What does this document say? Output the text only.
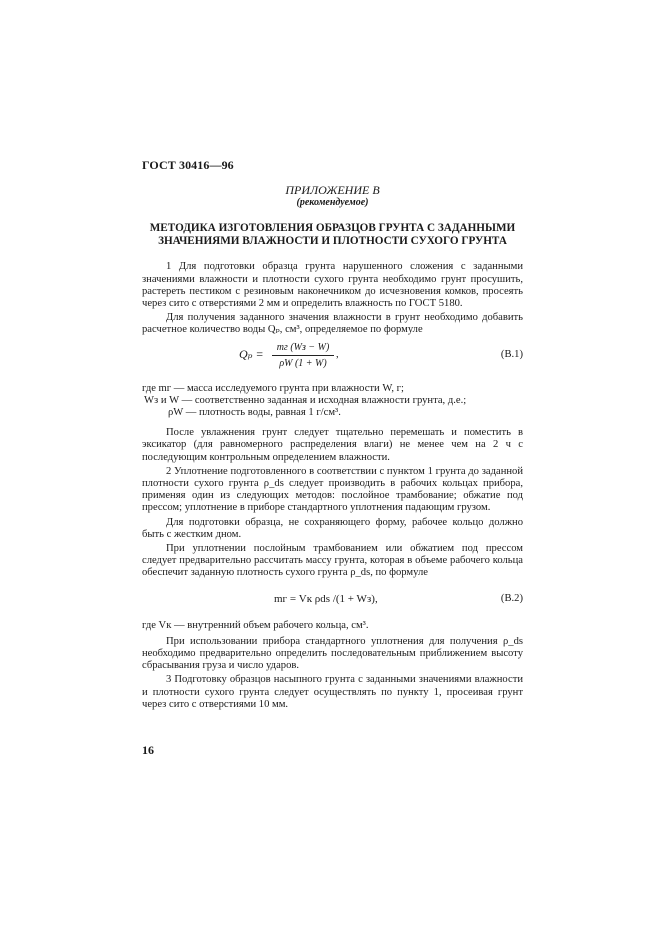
ГОСТ 30416—96
ПРИЛОЖЕНИЕ В
(рекомендуемое)
МЕТОДИКА ИЗГОТОВЛЕНИЯ ОБРАЗЦОВ ГРУНТА С ЗАДАННЫМИ
ЗНАЧЕНИЯМИ ВЛАЖНОСТИ И ПЛОТНОСТИ СУХОГО ГРУНТА

1 Для подготовки образца грунта нарушенного сложения с заданными значениями влажности и плотности сухого грунта необходимо грунт просушить, растереть пестиком с резиновым наконечником до исчезновения комков, просеять через сито с отверстиями 2 мм и определить влажность по ГОСТ 5180.

Для получения заданного значения влажности в грунт необходимо добавить расчетное количество воды Qₚ, см³, определяемое по формуле

Qₚ =	mг (Wз − W)
ρW (1 + W)
,	(В.1)
где mг — масса исследуемого грунта при влажности W, г;
Wз и W — соответственно заданная и исходная влажности грунта, д.е.;
ρW — плотность воды, равная 1 г/см³.

После увлажнения грунт следует тщательно перемешать и поместить в эксикатор (для равномерного распределения влаги) не менее чем на 2 ч с последующим контрольным определением влажности.

2 Уплотнение подготовленного в соответствии с пунктом 1 грунта до заданной плотности сухого грунта ρ_ds следует производить в рабочих кольцах прибора, применяя один из следующих методов: послойное трамбование; обжатие под прессом; уплотнение в приборе стандартного уплотнения падающим грузом.

Для подготовки образца, не сохраняющего форму, рабочее кольцо должно быть с жестким дном.

При уплотнении послойным трамбованием или обжатием под прессом следует предварительно рассчитать массу грунта, которая в объеме рабочего кольца обеспечит заданную плотность сухого грунта ρ_ds, по формуле

mг = Vк ρds /(1 + Wз),	(В.2)
где Vк — внутренний объем рабочего кольца, см³.

При использовании прибора стандартного уплотнения для получения ρ_ds необходимо предварительно определить последовательным приближением высоту сбрасывания груза и число ударов.

3 Подготовку образцов насыпного грунта с заданными значениями влажности и плотности сухого грунта следует осуществлять по пункту 1, просеивая грунт через сито с отверстиями 10 мм.

16
